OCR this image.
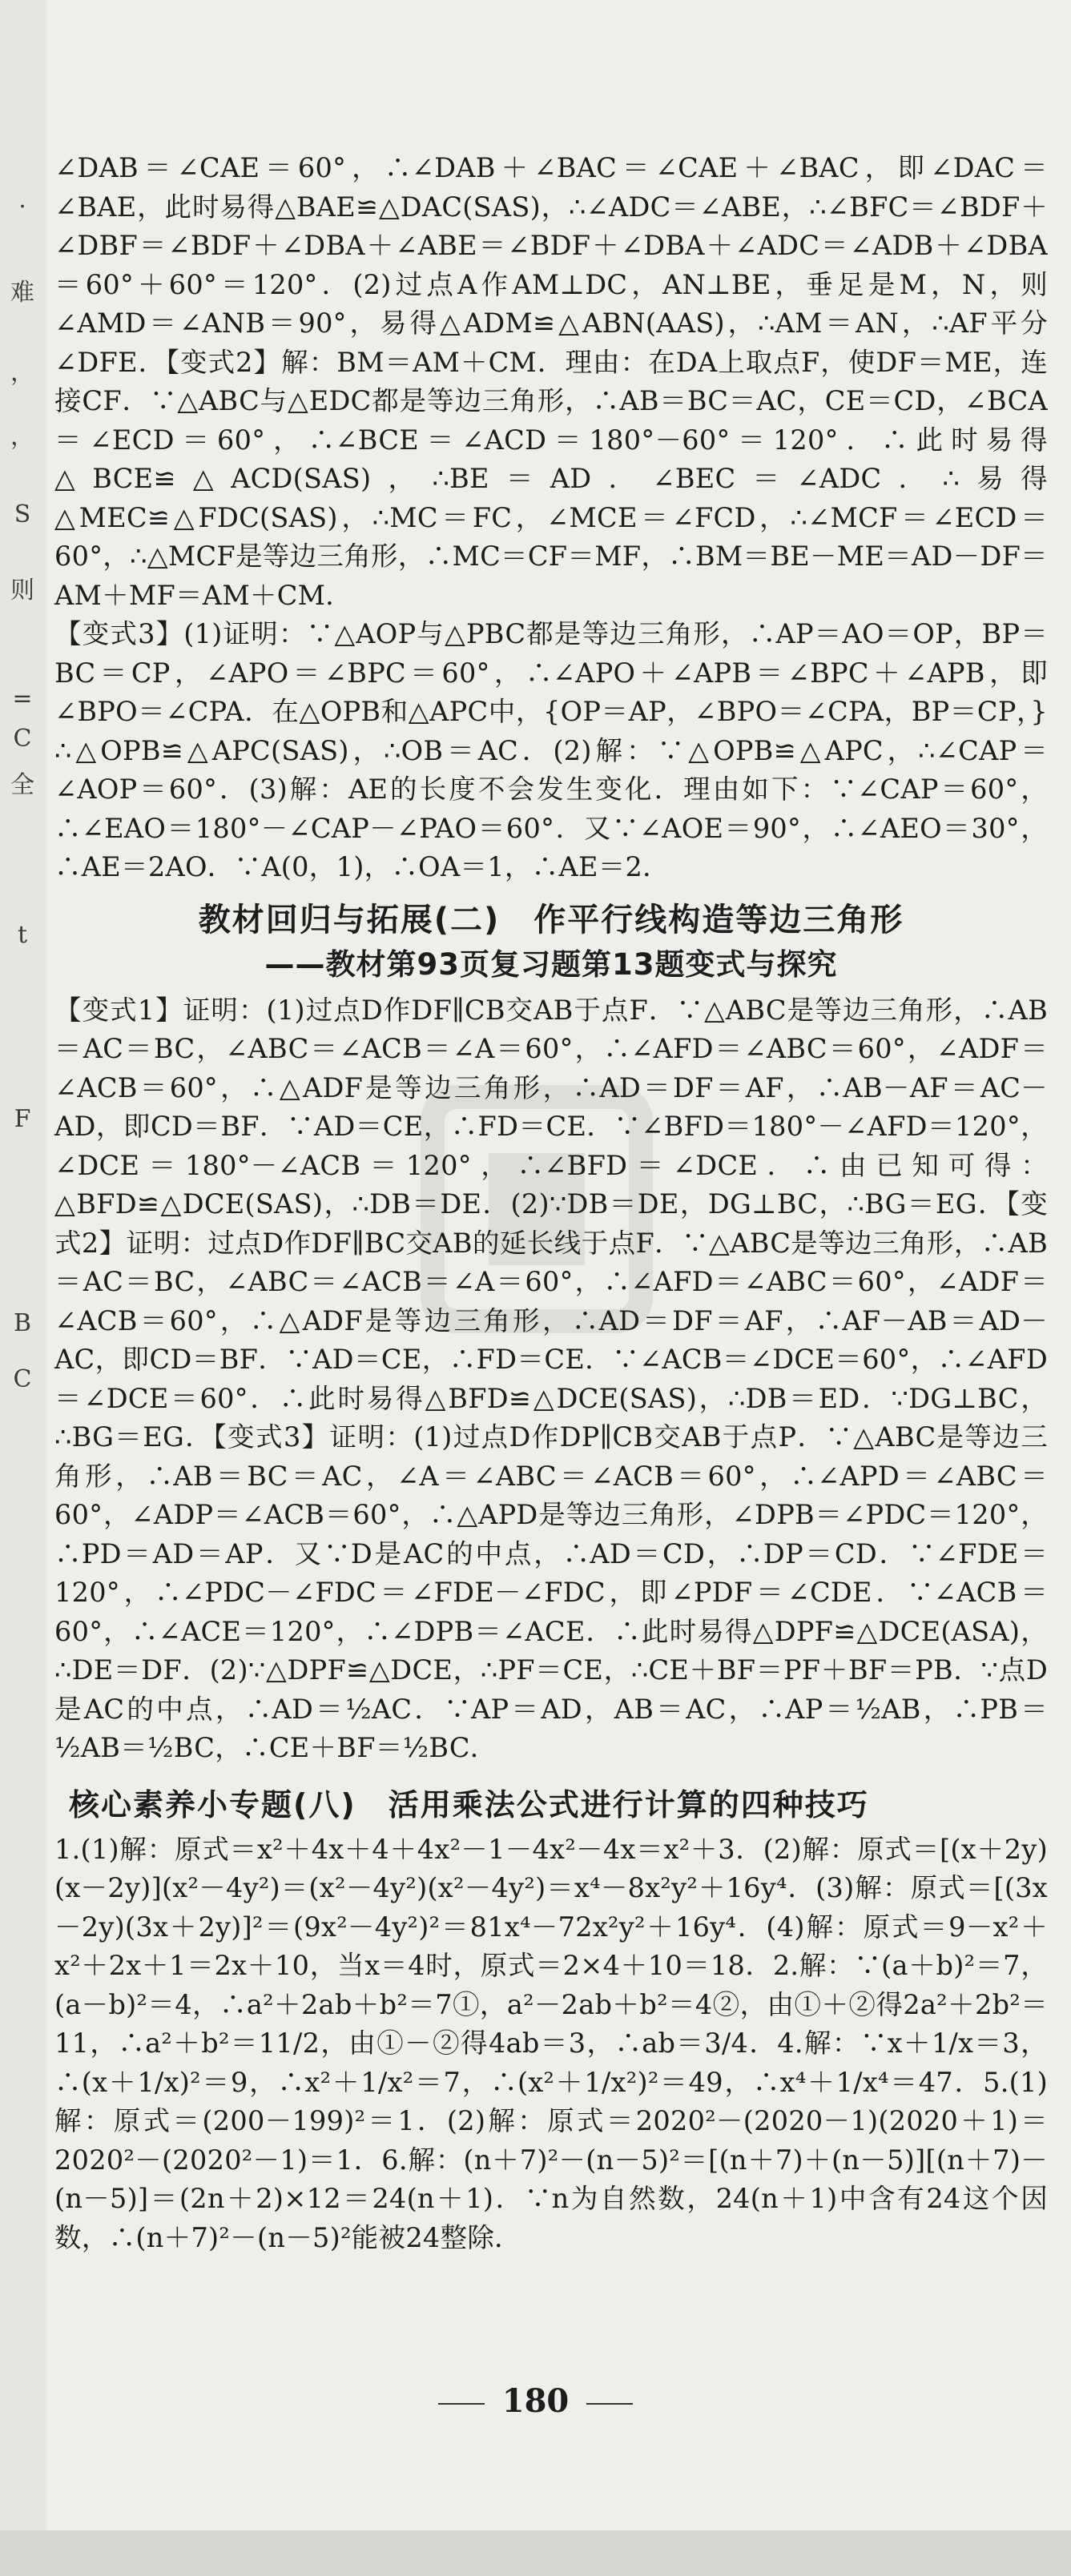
.
难
，
，
S
则
=
C
全
t
F
B
C

∠DAB＝∠CAE＝60°，∴∠DAB＋∠BAC＝∠CAE＋∠BAC，即∠DAC＝∠BAE，此时易得△BAE≌△DAC(SAS)，∴∠ADC＝∠ABE，∴∠BFC＝∠BDF＋∠DBF＝∠BDF＋∠DBA＋∠ABE＝∠BDF＋∠DBA＋∠ADC＝∠ADB＋∠DBA＝60°＋60°＝120°．(2)过点A作AM⊥DC，AN⊥BE，垂足是M，N，则∠AMD＝∠ANB＝90°，易得△ADM≌△ABN(AAS)，∴AM＝AN，∴AF平分∠DFE．【变式2】解：BM＝AM＋CM．理由：在DA上取点F，使DF＝ME，连接CF．∵△ABC与△EDC都是等边三角形，∴AB＝BC＝AC，CE＝CD，∠BCA＝∠ECD＝60°，∴∠BCE＝∠ACD＝180°－60°＝120°．∴此时易得△BCE≌△ACD(SAS)，∴BE＝AD．∠BEC＝∠ADC．∴易得△MEC≌△FDC(SAS)，∴MC＝FC，∠MCE＝∠FCD，∴∠MCF＝∠ECD＝60°，∴△MCF是等边三角形，∴MC＝CF＝MF，∴BM＝BE－ME＝AD－DF＝AM＋MF＝AM＋CM．

【变式3】(1)证明：∵△AOP与△PBC都是等边三角形，∴AP＝AO＝OP，BP＝BC＝CP，∠APO＝∠BPC＝60°，∴∠APO＋∠APB＝∠BPC＋∠APB，即∠BPO＝∠CPA．在△OPB和△APC中，{OP＝AP，∠BPO＝∠CPA，BP＝CP，}∴△OPB≌△APC(SAS)，∴OB＝AC．(2)解：∵△OPB≌△APC，∴∠CAP＝∠AOP＝60°．(3)解：AE的长度不会发生变化．理由如下：∵∠CAP＝60°，∴∠EAO＝180°－∠CAP－∠PAO＝60°．又∵∠AOE＝90°，∴∠AEO＝30°，∴AE＝2AO．∵A(0，1)，∴OA＝1，∴AE＝2．

教材回归与拓展(二)　作平行线构造等边三角形
——教材第93页复习题第13题变式与探究

【变式1】证明：(1)过点D作DF∥CB交AB于点F．∵△ABC是等边三角形，∴AB＝AC＝BC，∠ABC＝∠ACB＝∠A＝60°，∴∠AFD＝∠ABC＝60°，∠ADF＝∠ACB＝60°，∴△ADF是等边三角形，∴AD＝DF＝AF，∴AB－AF＝AC－AD，即CD＝BF．∵AD＝CE，∴FD＝CE．∵∠BFD＝180°－∠AFD＝120°，∠DCE＝180°－∠ACB＝120°，∴∠BFD＝∠DCE．∴由已知可得：△BFD≌△DCE(SAS)，∴DB＝DE．(2)∵DB＝DE，DG⊥BC，∴BG＝EG．【变式2】证明：过点D作DF∥BC交AB的延长线于点F．∵△ABC是等边三角形，∴AB＝AC＝BC，∠ABC＝∠ACB＝∠A＝60°，∴∠AFD＝∠ABC＝60°，∠ADF＝∠ACB＝60°，∴△ADF是等边三角形，∴AD＝DF＝AF，∴AF－AB＝AD－AC，即CD＝BF．∵AD＝CE，∴FD＝CE．∵∠ACB＝∠DCE＝60°，∴∠AFD＝∠DCE＝60°．∴此时易得△BFD≌△DCE(SAS)，∴DB＝ED．∵DG⊥BC，∴BG＝EG．【变式3】证明：(1)过点D作DP∥CB交AB于点P．∵△ABC是等边三角形，∴AB＝BC＝AC，∠A＝∠ABC＝∠ACB＝60°，∴∠APD＝∠ABC＝60°，∠ADP＝∠ACB＝60°，∴△APD是等边三角形，∠DPB＝∠PDC＝120°，∴PD＝AD＝AP．又∵D是AC的中点，∴AD＝CD，∴DP＝CD．∵∠FDE＝120°，∴∠PDC－∠FDC＝∠FDE－∠FDC，即∠PDF＝∠CDE．∵∠ACB＝60°，∴∠ACE＝120°，∴∠DPB＝∠ACE．∴此时易得△DPF≌△DCE(ASA)，∴DE＝DF．(2)∵△DPF≌△DCE，∴PF＝CE，∴CE＋BF＝PF＋BF＝PB．∵点D是AC的中点，∴AD＝½AC．∵AP＝AD，AB＝AC，∴AP＝½AB，∴PB＝½AB＝½BC，∴CE＋BF＝½BC．

核心素养小专题(八)　活用乘法公式进行计算的四种技巧

1.(1)解：原式＝x²＋4x＋4＋4x²－1－4x²－4x＝x²＋3．(2)解：原式＝[(x＋2y)(x－2y)](x²－4y²)＝(x²－4y²)(x²－4y²)＝x⁴－8x²y²＋16y⁴．(3)解：原式＝[(3x－2y)(3x＋2y)]²＝(9x²－4y²)²＝81x⁴－72x²y²＋16y⁴．(4)解：原式＝9－x²＋x²＋2x＋1＝2x＋10，当x＝4时，原式＝2×4＋10＝18．2.解：∵(a＋b)²＝7，(a－b)²＝4，∴a²＋2ab＋b²＝7①，a²－2ab＋b²＝4②，由①＋②得2a²＋2b²＝11，∴a²＋b²＝11/2，由①－②得4ab＝3，∴ab＝3/4．4.解：∵x＋1/x＝3，∴(x＋1/x)²＝9，∴x²＋1/x²＝7，∴(x²＋1/x²)²＝49，∴x⁴＋1/x⁴＝47．5.(1)解：原式＝(200－199)²＝1．(2)解：原式＝2020²－(2020－1)(2020＋1)＝2020²－(2020²－1)＝1．6.解：(n＋7)²－(n－5)²＝[(n＋7)＋(n－5)][(n＋7)－(n－5)]＝(2n＋2)×12＝24(n＋1)．∵n为自然数，24(n＋1)中含有24这个因数，∴(n＋7)²－(n－5)²能被24整除．

180
